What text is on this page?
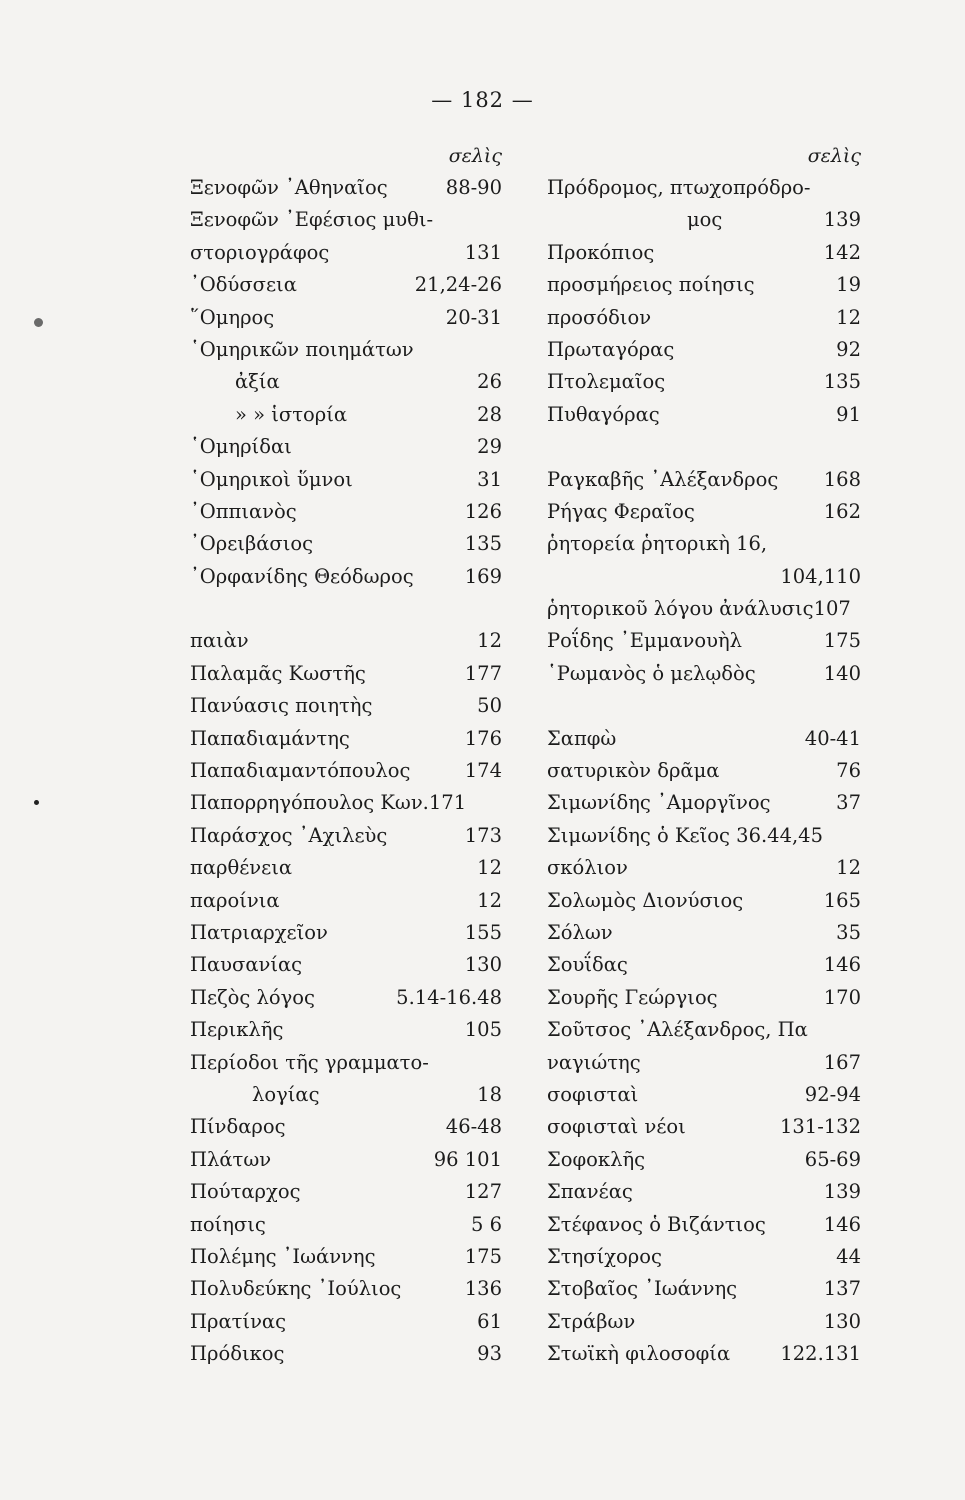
— 182 —
σελὶς
Ξενοφῶν ᾿Αθηναῖος	88-90
Ξενοφῶν ᾿Εφέσιος μυθι-
στοριογράφος	131
᾿Οδύσσεια	21,24-26
῞Ομηρος	20-31
῾Ομηρικῶν ποιημάτων
ἀξία	26
» » ἱστορία	28
῾Ομηρίδαι	29
῾Ομηρικοὶ ὕμνοι	31
᾿Οππιανὸς	126
᾿Ορειβάσιος	135
᾿Ορφανίδης Θεόδωρος	169
παιὰν	12
Παλαμᾶς Κωστῆς	177
Πανύασις ποιητὴς	50
Παπαδιαμάντης	176
Παπαδιαμαντόπουλος	174
Παπορρηγόπουλος Κων.171
Παράσχος ᾿Αχιλεὺς	173
παρθένεια	12
παροίνια	12
Πατριαρχεῖον	155
Παυσανίας	130
Πεζὸς λόγος	5.14-16.48
Περικλῆς	105
Περίοδοι τῆς γραμματο-
λογίας	18
Πίνδαρος	46-48
Πλάτων	96 101
Πούταρχος	127
ποίησις	5 6
Πολέμης ᾿Ιωάννης	175
Πολυδεύκης ᾿Ιούλιος	136
Πρατίνας	61
Πρόδικος	93
σελὶς
Πρόδρομος, πτωχοπρόδρο-
μος	139
Προκόπιος	142
προσμήρειος ποίησις	19
προσόδιον	12
Πρωταγόρας	92
Πτολεμαῖος	135
Πυθαγόρας	91
Ραγκαβῆς ᾿Αλέξανδρος 168
Ρήγας Φεραῖος	162
ῥητορεία ῥητορικὴ 16,
104,110
ῥητορικοῦ λόγου ἀνάλυσις107
Ροΐδης ᾿Εμμανουὴλ	175
῾Ρωμανὸς ὁ μελῳδὸς	140
Σαπφὼ	40-41
σατυρικὸν δρᾶμα	76
Σιμωνίδης ᾿Αμοργῖνος	37
Σιμωνίδης ὁ Κεῖος 36.44,45
σκόλιον	12
Σολωμὸς Διονύσιος	165
Σόλων	35
Σουΐδας	146
Σουρῆς Γεώργιος	170
Σοῦτσος ᾿Αλέξανδρος, Πα
ναγιώτης	167
σοφισταὶ	92-94
σοφισταὶ νέοι	131-132
Σοφοκλῆς	65-69
Σπανέας	139
Στέφανος ὁ Βιζάντιος	146
Στησίχορος	44
Στοβαῖος ᾿Ιωάννης	137
Στράβων	130
Στωϊκὴ φιλοσοφία	122.131
